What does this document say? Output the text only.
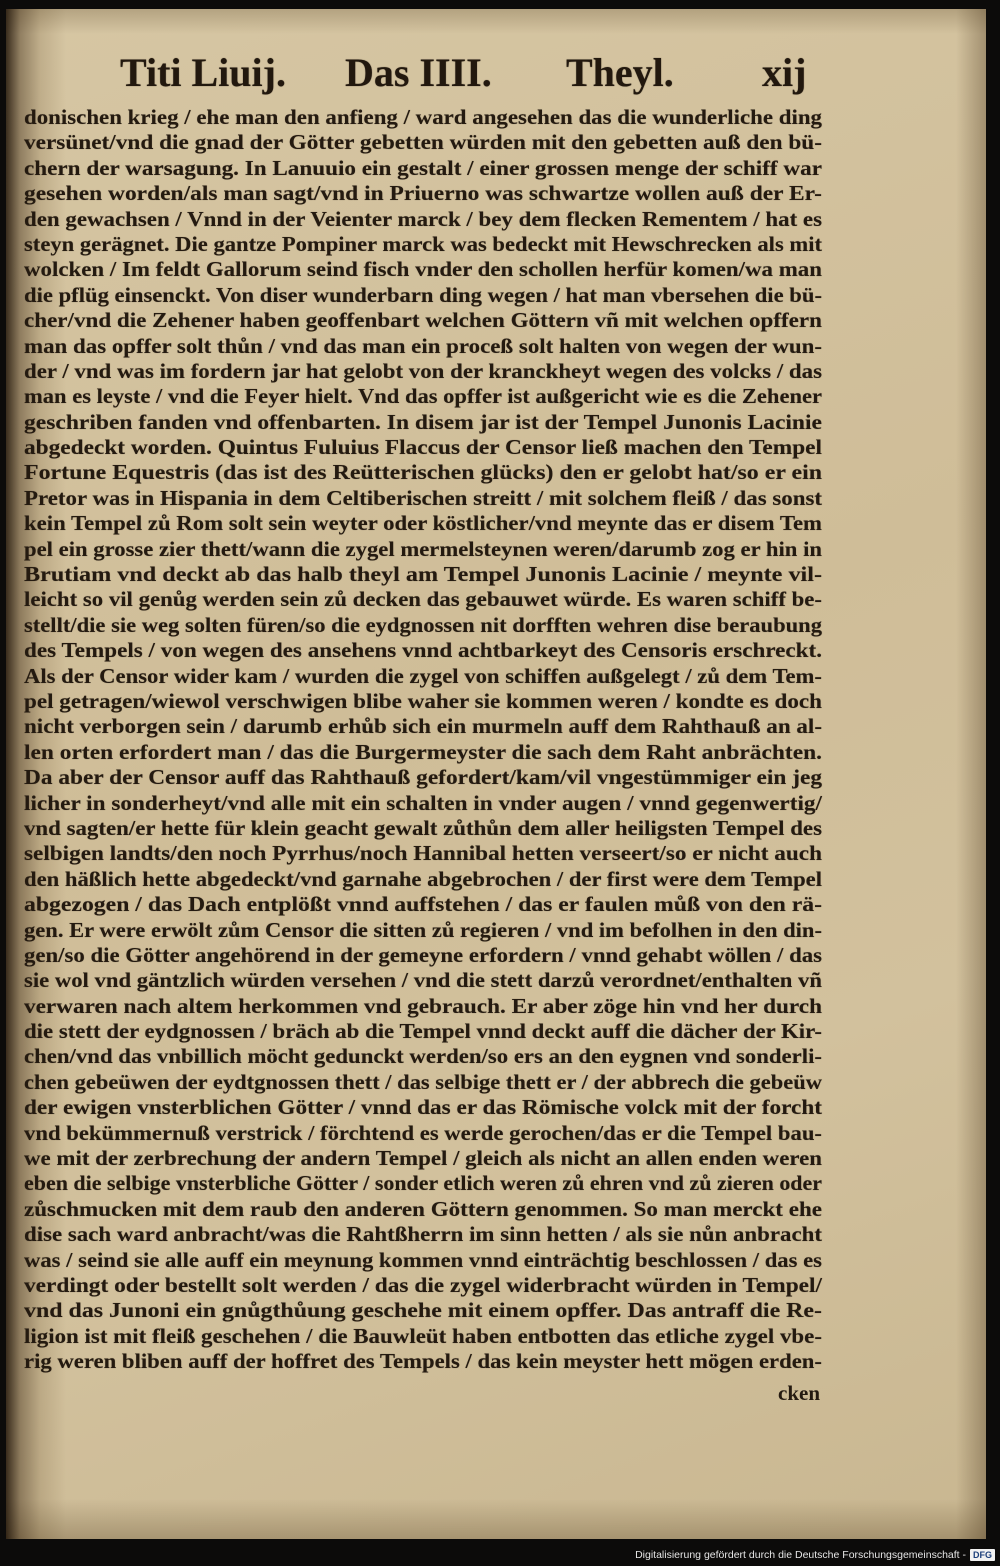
Titi Liuij. Das IIII. Theyl. xij
donischen krieg / ehe man den anfieng / ward angesehen das die wunderliche ding
versünet/vnd die gnad der Götter gebetten würden mit den gebetten auß den bü-
chern der warsagung. In Lanuuio ein gestalt / einer grossen menge der schiff war
gesehen worden/als man sagt/vnd in Priuerno was schwartze wollen auß der Er-
den gewachsen / Vnnd in der Veienter marck / bey dem flecken Rementem / hat es
steyn gerägnet. Die gantze Pompiner marck was bedeckt mit Hewschrecken als mit
wolcken / Im feldt Gallorum seind fisch vnder den schollen herfür komen/wa man
die pflüg einsenckt. Von diser wunderbarn ding wegen / hat man vbersehen die bü-
cher/vnd die Zehener haben geoffenbart welchen Göttern vñ mit welchen opffern
man das opffer solt thůn / vnd das man ein proceß solt halten von wegen der wun-
der / vnd was im fordern jar hat gelobt von der kranckheyt wegen des volcks / das
man es leyste / vnd die Feyer hielt. Vnd das opffer ist außgericht wie es die Zehener
geschriben fanden vnd offenbarten. In disem jar ist der Tempel Junonis Lacinie
abgedeckt worden. Quintus Fuluius Flaccus der Censor ließ machen den Tempel
Fortune Equestris (das ist des Reütterischen glücks) den er gelobt hat/so er ein
Pretor was in Hispania in dem Celtiberischen streitt / mit solchem fleiß / das sonst
kein Tempel zů Rom solt sein weyter oder köstlicher/vnd meynte das er disem Tem
pel ein grosse zier thett/wann die zygel mermelsteynen weren/darumb zog er hin in
Brutiam vnd deckt ab das halb theyl am Tempel Junonis Lacinie / meynte vil-
leicht so vil genůg werden sein zů decken das gebauwet würde. Es waren schiff be-
stellt/die sie weg solten füren/so die eydgnossen nit dorfften wehren dise beraubung
des Tempels / von wegen des ansehens vnnd achtbarkeyt des Censoris erschreckt.
Als der Censor wider kam / wurden die zygel von schiffen außgelegt / zů dem Tem-
pel getragen/wiewol verschwigen blibe waher sie kommen weren / kondte es doch
nicht verborgen sein / darumb erhůb sich ein murmeln auff dem Rahthauß an al-
len orten erfordert man / das die Burgermeyster die sach dem Raht anbrächten.
Da aber der Censor auff das Rahthauß gefordert/kam/vil vngestümmiger ein jeg
licher in sonderheyt/vnd alle mit ein schalten in vnder augen / vnnd gegenwertig/
vnd sagten/er hette für klein geacht gewalt zůthůn dem aller heiligsten Tempel des
selbigen landts/den noch Pyrrhus/noch Hannibal hetten verseert/so er nicht auch
den häßlich hette abgedeckt/vnd garnahe abgebrochen / der first were dem Tempel
abgezogen / das Dach entplößt vnnd auffstehen / das er faulen můß von den rä-
gen. Er were erwölt zům Censor die sitten zů regieren / vnd im befolhen in den din-
gen/so die Götter angehörend in der gemeyne erfordern / vnnd gehabt wöllen / das
sie wol vnd gäntzlich würden versehen / vnd die stett darzů verordnet/enthalten vñ
verwaren nach altem herkommen vnd gebrauch. Er aber zöge hin vnd her durch
die stett der eydgnossen / bräch ab die Tempel vnnd deckt auff die dächer der Kir-
chen/vnd das vnbillich möcht gedunckt werden/so ers an den eygnen vnd sonderli-
chen gebeüwen der eydtgnossen thett / das selbige thett er / der abbrech die gebeüw
der ewigen vnsterblichen Götter / vnnd das er das Römische volck mit der forcht
vnd bekümmernuß verstrick / förchtend es werde gerochen/das er die Tempel bau-
we mit der zerbrechung der andern Tempel / gleich als nicht an allen enden weren
eben die selbige vnsterbliche Götter / sonder etlich weren zů ehren vnd zů zieren oder
zůschmucken mit dem raub den anderen Göttern genommen. So man merckt ehe
dise sach ward anbracht/was die Rahtßherrn im sinn hetten / als sie nůn anbracht
was / seind sie alle auff ein meynung kommen vnnd einträchtig beschlossen / das es
verdingt oder bestellt solt werden / das die zygel widerbracht würden in Tempel/
vnd das Junoni ein gnůgthůung geschehe mit einem opffer. Das antraff die Re-
ligion ist mit fleiß geschehen / die Bauwleüt haben entbotten das etliche zygel vbe-
rig weren bliben auff der hoffret des Tempels / das kein meyster hett mögen erden-
cken
Digitalisierung gefördert durch die Deutsche Forschungsgemeinschaft - DFG
